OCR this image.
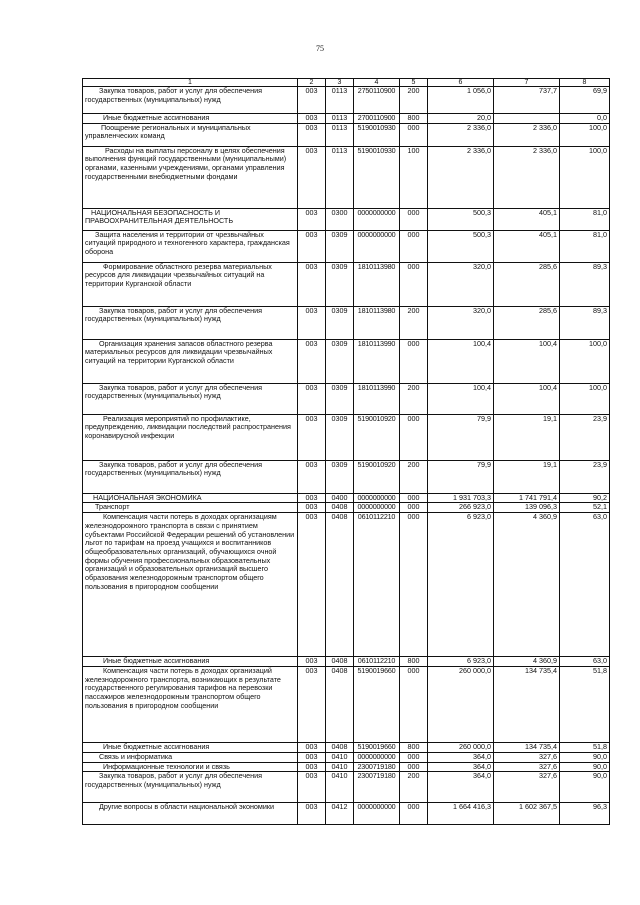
75
1	2	3	4	5	6	7	8
Закупка товаров, работ и услуг для обеспечения государственных (муниципальных) нужд	003	0113	2750110900	200	1 056,0	737,7	69,9
Иные бюджетные ассигнования	003	0113	2700110900	800	20,0		0,0
Поощрение региональных и муниципальных управленческих команд	003	0113	5190010930	000	2 336,0	2 336,0	100,0
Расходы на выплаты персоналу в целях обеспечения выполнения функций государственными (муниципальными) органами, казенными учреждениями, органами управления государственными внебюджетными фондами	003	0113	5190010930	100	2 336,0	2 336,0	100,0
НАЦИОНАЛЬНАЯ БЕЗОПАСНОСТЬ И ПРАВООХРАНИТЕЛЬНАЯ ДЕЯТЕЛЬНОСТЬ	003	0300	0000000000	000	500,3	405,1	81,0
Защита населения и территории от чрезвычайных ситуаций природного и техногенного характера, гражданская оборона	003	0309	0000000000	000	500,3	405,1	81,0
Формирование областного резерва материальных ресурсов для ликвидации чрезвычайных ситуаций на территории Курганской области	003	0309	1810113980	000	320,0	285,6	89,3
Закупка товаров, работ и услуг для обеспечения государственных (муниципальных) нужд	003	0309	1810113980	200	320,0	285,6	89,3
Организация хранения запасов областного резерва материальных ресурсов для ликвидации чрезвычайных ситуаций на территории Курганской области	003	0309	1810113990	000	100,4	100,4	100,0
Закупка товаров, работ и услуг для обеспечения государственных (муниципальных) нужд	003	0309	1810113990	200	100,4	100,4	100,0
Реализация мероприятий по профилактике, предупреждению, ликвидации последствий распространения коронавирусной инфекции	003	0309	5190010920	000	79,9	19,1	23,9
Закупка товаров, работ и услуг для обеспечения государственных (муниципальных) нужд	003	0309	5190010920	200	79,9	19,1	23,9
НАЦИОНАЛЬНАЯ ЭКОНОМИКА	003	0400	0000000000	000	1 931 703,3	1 741 791,4	90,2
Транспорт	003	0408	0000000000	000	266 923,0	139 096,3	52,1
Компенсация части потерь в доходах организациям железнодорожного транспорта в связи с принятием субъектами Российской Федерации решений об установлении льгот по тарифам на проезд учащихся и воспитанников общеобразовательных организаций, обучающихся очной формы обучения профессиональных образовательных организаций и образовательных организаций высшего образования железнодорожным транспортом общего пользования в пригородном сообщении	003	0408	0610112210	000	6 923,0	4 360,9	63,0
Иные бюджетные ассигнования	003	0408	0610112210	800	6 923,0	4 360,9	63,0
Компенсация части потерь в доходах организаций железнодорожного транспорта, возникающих в результате государственного регулирования тарифов на перевозки пассажиров железнодорожным транспортом общего пользования в пригородном сообщении	003	0408	5190019660	000	260 000,0	134 735,4	51,8
Иные бюджетные ассигнования	003	0408	5190019660	800	260 000,0	134 735,4	51,8
Связь и информатика	003	0410	0000000000	000	364,0	327,6	90,0
Информационные технологии и связь	003	0410	2300719180	000	364,0	327,6	90,0
Закупка товаров, работ и услуг для обеспечения государственных (муниципальных) нужд	003	0410	2300719180	200	364,0	327,6	90,0
Другие вопросы в области национальной экономики	003	0412	0000000000	000	1 664 416,3	1 602 367,5	96,3
